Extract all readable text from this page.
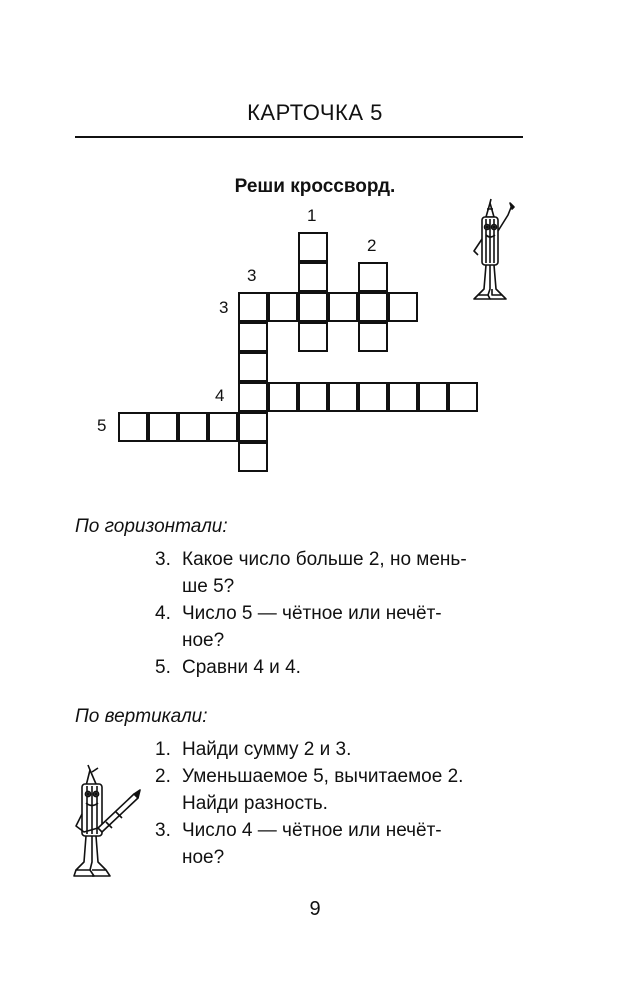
КАРТОЧКА 5
Реши кроссворд.
1
2
3
3
4
5
По горизонтали:
3. Какое число больше 2, но мень-
ше 5?
4. Число 5 — чётное или нечёт-
ное?
5. Сравни 4 и 4.
По вертикали:
1. Найди сумму 2 и 3.
2. Уменьшаемое 5, вычитаемое 2.
Найди разность.
3. Число 4 — чётное или нечёт-
ное?
9
